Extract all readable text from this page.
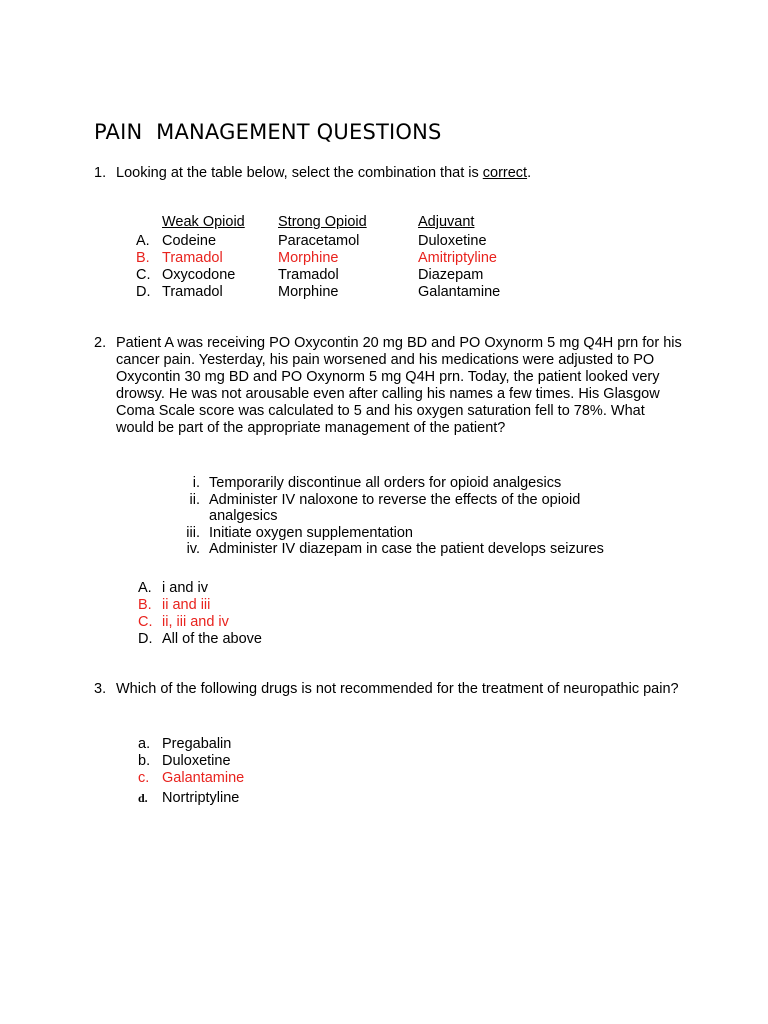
PAIN  MANAGEMENT QUESTIONS
1. Looking at the table below, select the combination that is correct.
	Weak Opioid	Strong Opioid	Adjuvant
A.	Codeine	Paracetamol	Duloxetine
B.	Tramadol	Morphine	Amitriptyline
C.	Oxycodone	Tramadol	Diazepam
D.	Tramadol	Morphine	Galantamine
2. Patient A was receiving PO Oxycontin 20 mg BD and PO Oxynorm 5 mg Q4H prn for his cancer pain. Yesterday, his pain worsened and his medications were adjusted to PO Oxycontin 30 mg BD and PO Oxynorm 5 mg Q4H prn. Today, the patient looked very drowsy. He was not arousable even after calling his names a few times. His Glasgow Coma Scale score was calculated to 5 and his oxygen saturation fell to 78%. What would be part of the appropriate management of the patient?
i. Temporarily discontinue all orders for opioid analgesics
ii. Administer IV naloxone to reverse the effects of the opioid analgesics
iii. Initiate oxygen supplementation
iv. Administer IV diazepam in case the patient develops seizures
A. i and iv
B. ii and iii
C. ii, iii and iv
D. All of the above
3. Which of the following drugs is not recommended for the treatment of neuropathic pain?
a. Pregabalin
b. Duloxetine
c. Galantamine
d. Nortriptyline
